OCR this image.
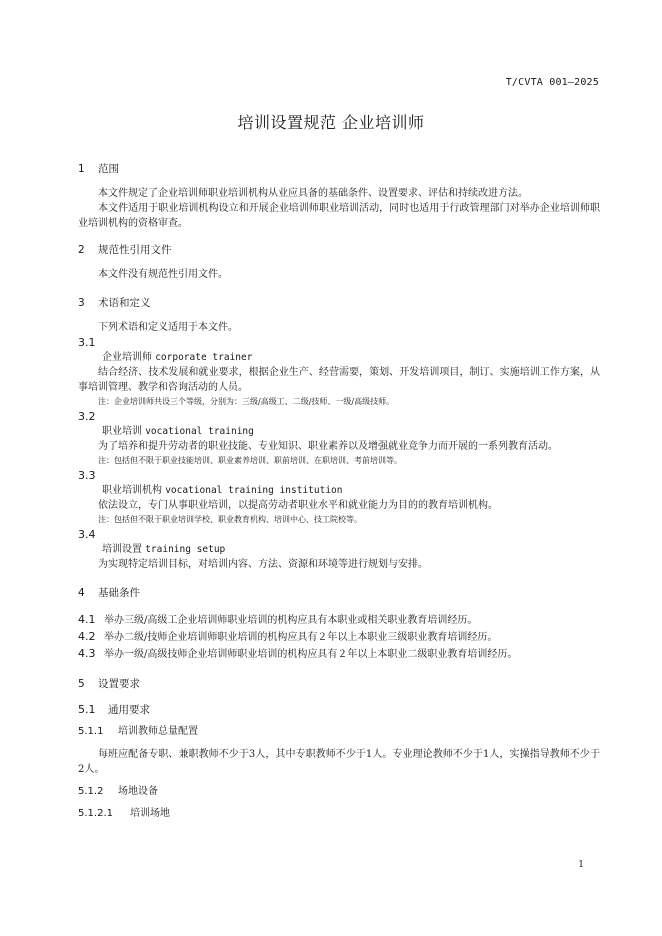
T/CVTA 001—2025
培训设置规范 企业培训师
1 范围

本文件规定了企业培训师职业培训机构从业应具备的基础条件、设置要求、评估和持续改进方法。

本文件适用于职业培训机构设立和开展企业培训师职业培训活动，同时也适用于行政管理部门对举办企业培训师职业培训机构的资格审查。

2 规范性引用文件

本文件没有规范性引用文件。

3 术语和定义

下列术语和定义适用于本文件。

3.1
企业培训师 corporate trainer

结合经济、技术发展和就业要求，根据企业生产、经营需要，策划、开发培训项目，制订、实施培训工作方案，从事培训管理、教学和咨询活动的人员。

注：企业培训师共设三个等级，分别为：三级/高级工、二级/技师、一级/高级技师。
3.2
职业培训 vocational training

为了培养和提升劳动者的职业技能、专业知识、职业素养以及增强就业竞争力而开展的一系列教育活动。

注：包括但不限于职业技能培训、职业素养培训、职前培训、在职培训、考前培训等。
3.3
职业培训机构 vocational training institution

依法设立，专门从事职业培训，以提高劳动者职业水平和就业能力为目的的教育培训机构。

注：包括但不限于职业培训学校、职业教育机构、培训中心、技工院校等。
3.4
培训设置 training setup

为实现特定培训目标，对培训内容、方法、资源和环境等进行规划与安排。

4 基础条件
4.1 举办三级/高级工企业培训师职业培训的机构应具有本职业或相关职业教育培训经历。
4.2 举办二级/技师企业培训师职业培训的机构应具有２年以上本职业三级职业教育培训经历。
4.3 举办一级/高级技师企业培训师职业培训的机构应具有２年以上本职业二级职业教育培训经历。
5 设置要求
5.1 通用要求
5.1.1 培训教师总量配置

每班应配备专职、兼职教师不少于3人，其中专职教师不少于1人。专业理论教师不少于1人，实操指导教师不少于2人。

5.1.2 场地设备
5.1.2.1 培训场地
1
